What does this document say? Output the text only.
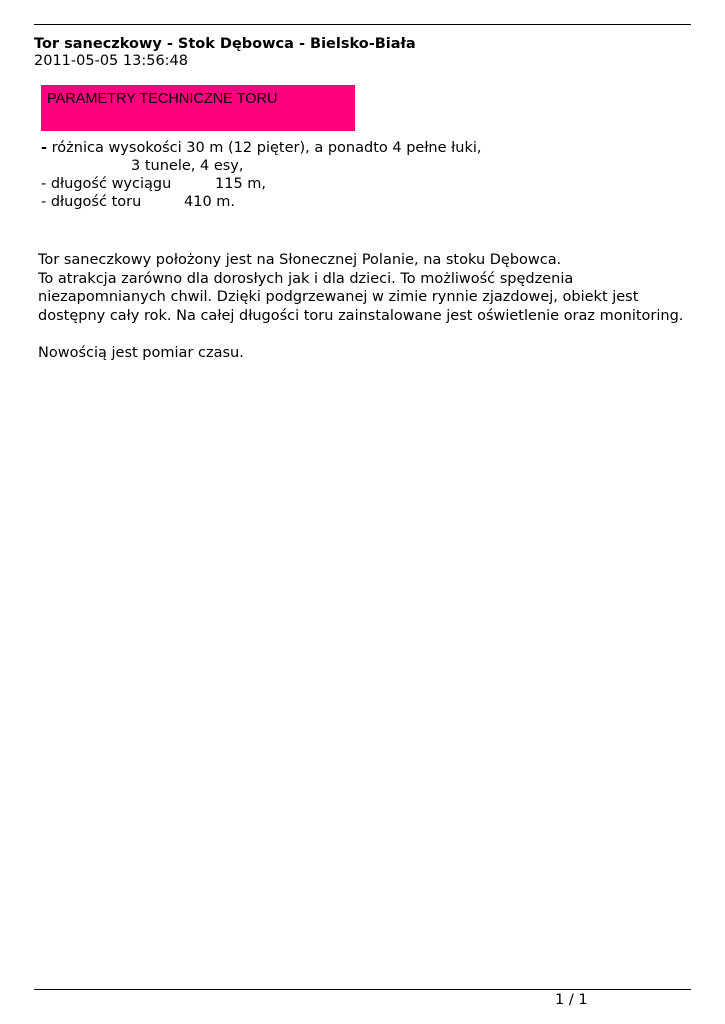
Tor saneczkowy - Stok Dębowca - Bielsko-Biała
2011-05-05 13:56:48
PARAMETRY TECHNICZNE TORU
- różnica wysokości 30 m (12 pięter), a ponadto 4 pełne łuki,
3 tunele, 4 esy,
- długość wyciągu	115 m,
- długość toru	410 m.
Tor saneczkowy położony jest na Słonecznej Polanie, na stoku Dębowca.
To atrakcja zarówno dla dorosłych jak i dla dzieci. To możliwość spędzenia
niezapomnianych chwil. Dzięki podgrzewanej w zimie rynnie zjazdowej, obiekt jest
dostępny cały rok. Na całej długości toru zainstalowane jest oświetlenie oraz monitoring.
Nowością jest pomiar czasu.
1 / 1
